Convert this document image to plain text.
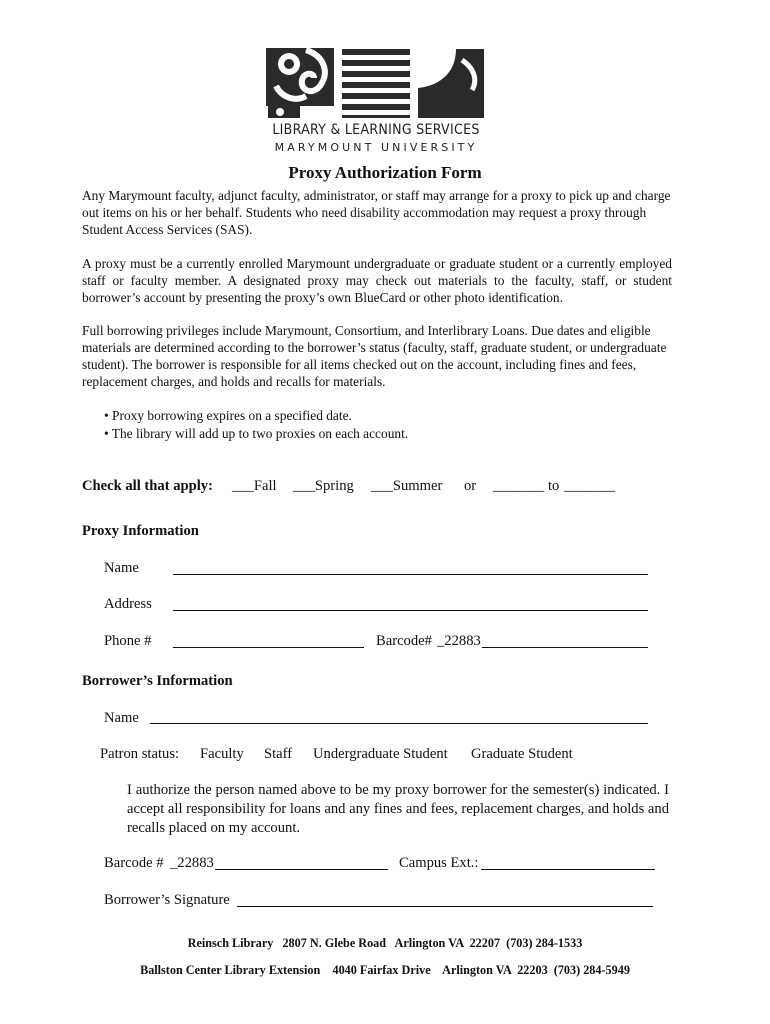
LIBRARY & LEARNING SERVICES
MARYMOUNT UNIVERSITY
Proxy Authorization Form

Any Marymount faculty, adjunct faculty, administrator, or staff may arrange for a proxy to pick up and charge out items on his or her behalf. Students who need disability accommodation may request a proxy through Student Access Services (SAS).

A proxy must be a currently enrolled Marymount undergraduate or graduate student or a currently employed staff or faculty member. A designated proxy may check out materials to the faculty, staff, or student borrower’s account by presenting the proxy’s own BlueCard or other photo identification.

Full borrowing privileges include Marymount, Consortium, and Interlibrary Loans. Due dates and eligible materials are determined according to the borrower’s status (faculty, staff, graduate student, or undergraduate student). The borrower is responsible for all items checked out on the account, including fines and fees, replacement charges, and holds and recalls for materials.

• Proxy borrowing expires on a specified date.
• The library will add up to two proxies on each account.
Check all that apply: ___Fall ___Spring ___Summer or _______ to _______
Proxy Information
Name
Address
Phone #	Barcode# _22883
Borrower’s Information
Name
Patron status: Faculty Staff Undergraduate Student Graduate Student

I authorize the person named above to be my proxy borrower for the semester(s) indicated. I accept all responsibility for loans and any fines and fees, replacement charges, and holds and recalls placed on my account.

Barcode # _22883	Campus Ext.:
Borrower’s Signature
Reinsch Library   2807 N. Glebe Road   Arlington VA  22207  (703) 284-1533
Ballston Center Library Extension    4040 Fairfax Drive    Arlington VA  22203  (703) 284-5949
